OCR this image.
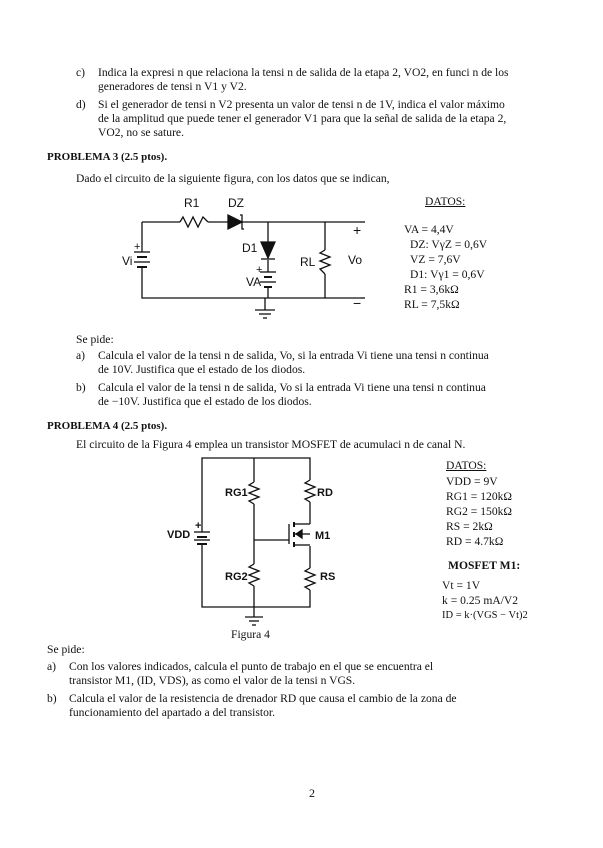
c) Indica la expresi n que relaciona la tensi n de salida de la etapa 2, VO2, en funci n de los
generadores de tensi n V1 y V2.
d) Si el generador de tensi n V2 presenta un valor de tensi n de 1V, indica el valor máximo
de la amplitud que puede tener el generador V1 para que la señal de salida de la etapa 2,
VO2, no se sature.
PROBLEMA 3 (2.5 ptos).
Dado el circuito de la siguiente figura, con los datos que se indican,
R1 DZ
D1
VA
+
Vi
+
RL	Vo
+
−
DATOS:
VA = 4,4V
DZ: VγZ = 0,6V
VZ = 7,6V
D1: Vγ1 = 0,6V
R1 = 3,6kΩ
RL = 7,5kΩ
Se pide:
a) Calcula el valor de la tensi n de salida, Vo, si la entrada Vi tiene una tensi n continua
de 10V. Justifica que el estado de los diodos.
b) Calcula el valor de la tensi n de salida, Vo si la entrada Vi tiene una tensi n continua
de −10V. Justifica que el estado de los diodos.
PROBLEMA 4 (2.5 ptos).
El circuito de la Figura 4 emplea un transistor MOSFET de acumulaci n de canal N.
RG1	RD
RG2	RS
VDD
+
M1
Figura 4
DATOS:
VDD = 9V
RG1 = 120kΩ
RG2 = 150kΩ
RS = 2kΩ
RD = 4.7kΩ
MOSFET M1:
Vt = 1V
k = 0.25 mA/V2
ID = k·(VGS − Vt)2
Se pide:
a) Con los valores indicados, calcula el punto de trabajo en el que se encuentra el
transistor M1, (ID, VDS), as como el valor de la tensi n VGS.
b) Calcula el valor de la resistencia de drenador RD que causa el cambio de la zona de
funcionamiento del apartado a del transistor.
2
